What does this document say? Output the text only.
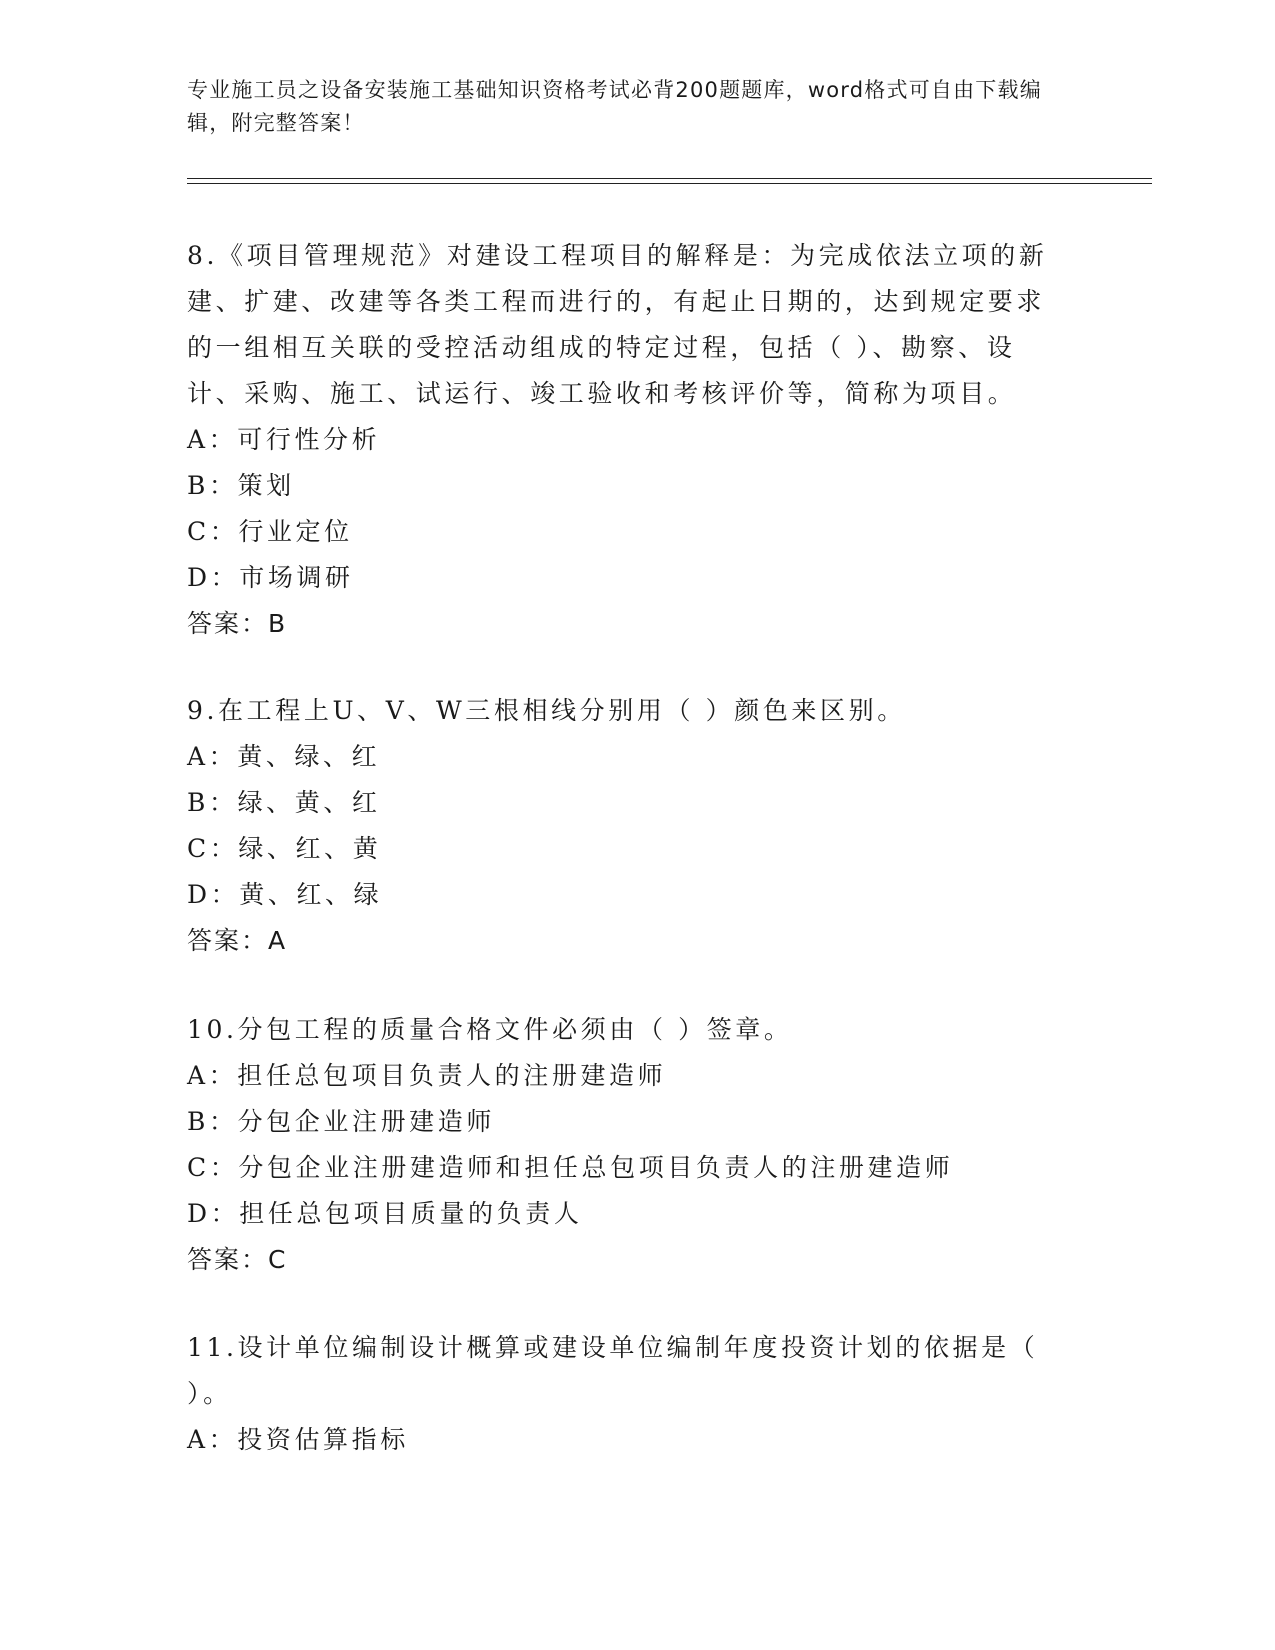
专业施工员之设备安装施工基础知识资格考试必背200题题库，word格式可自由下载编辑，附完整答案！

8.《项目管理规范》对建设工程项目的解释是：为完成依法立项的新建、扩建、改建等各类工程而进行的，有起止日期的，达到规定要求的一组相互关联的受控活动组成的特定过程，包括（ ）、勘察、设计、采购、施工、试运行、竣工验收和考核评价等，简称为项目。

A：可行性分析

B：策划

C：行业定位

D：市场调研

答案：B

9.在工程上U、V、W三根相线分别用（ ）颜色来区别。

A：黄、绿、红

B：绿、黄、红

C：绿、红、黄

D：黄、红、绿

答案：A

10.分包工程的质量合格文件必须由（ ）签章。

A：担任总包项目负责人的注册建造师

B：分包企业注册建造师

C：分包企业注册建造师和担任总包项目负责人的注册建造师

D：担任总包项目质量的负责人

答案：C

11.设计单位编制设计概算或建设单位编制年度投资计划的依据是（ ）。

A：投资估算指标
